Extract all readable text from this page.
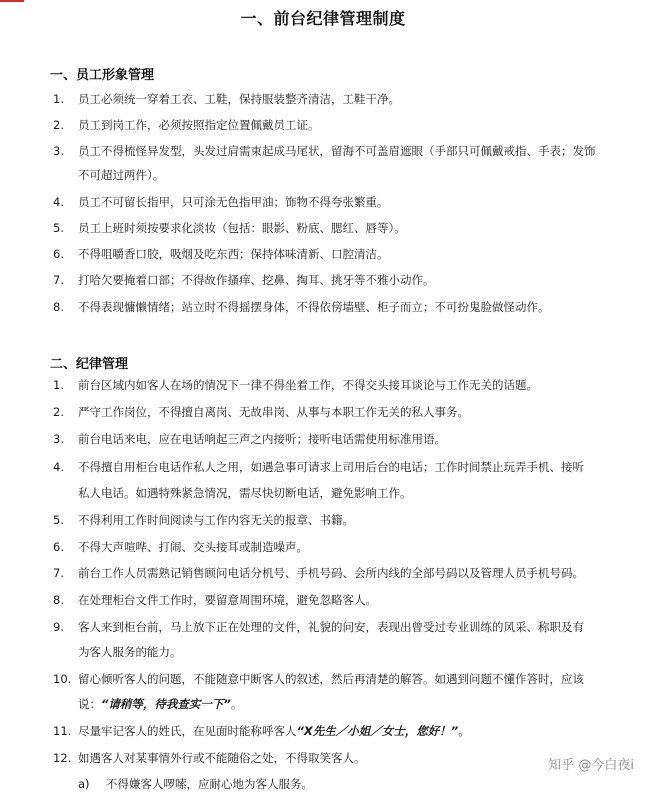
一、前台纪律管理制度
一、员工形象管理
1.	员工必须统一穿着工衣、工鞋，保持服装整齐清洁，工鞋干净。
2.	员工到岗工作，必须按照指定位置佩戴员工证。
3.	员工不得梳怪异发型，头发过肩需束起成马尾状，留海不可盖眉遮眼（手部只可佩戴戒指、手表；发饰
不可超过两件）。
4.	员工不可留长指甲，只可涂无色指甲油；饰物不得夸张繁重。
5.	员工上班时须按要求化淡妆（包括：眼影、粉底、腮红、唇等）。
6.	不得咀嚼香口胶，吸烟及吃东西；保持体味清新、口腔清洁。
7.	打哈欠要掩着口部；不得故作搔痒、挖鼻、掏耳、挑牙等不雅小动作。
8.	不得表现慵懒情绪；站立时不得摇摆身体，不得依傍墙壁、柜子而立；不可扮鬼脸做怪动作。
二、纪律管理
1.	前台区域内如客人在场的情况下一律不得坐着工作，不得交头接耳谈论与工作无关的话题。
2.	严守工作岗位，不得擅自离岗、无故串岗、从事与本职工作无关的私人事务。
3.	前台电话来电，应在电话响起三声之内接听；接听电话需使用标准用语。
4.	不得擅自用柜台电话作私人之用，如遇急事可请求上司用后台的电话；工作时间禁止玩弄手机、接听
私人电话。如遇特殊紧急情况，需尽快切断电话，避免影响工作。
5.	不得利用工作时间阅读与工作内容无关的报章、书籍。
6.	不得大声喧哗、打闹、交头接耳或制造噪声。
7.	前台工作人员需熟记销售顾问电话分机号、手机号码、会所内线的全部号码以及管理人员手机号码。
8.	在处理柜台文件工作时，要留意周围环境，避免忽略客人。
9.	客人来到柜台前，马上放下正在处理的文件，礼貌的问安，表现出曾受过专业训练的风采、称职及有
为客人服务的能力。
10. 留心倾听客人的问题，不能随意中断客人的叙述，然后再清楚的解答。如遇到问题不懂作答时，应该
说：“请稍等，待我查实一下”。
11. 尽量牢记客人的姓氏，在见面时能称呼客人“X先生／小姐／女士，您好！”。
12. 如遇客人对某事情外行或不能随俗之处，不得取笑客人。
a)	不得嫌客人啰嗦，应耐心地为客人服务。
知乎 @今白夜i
